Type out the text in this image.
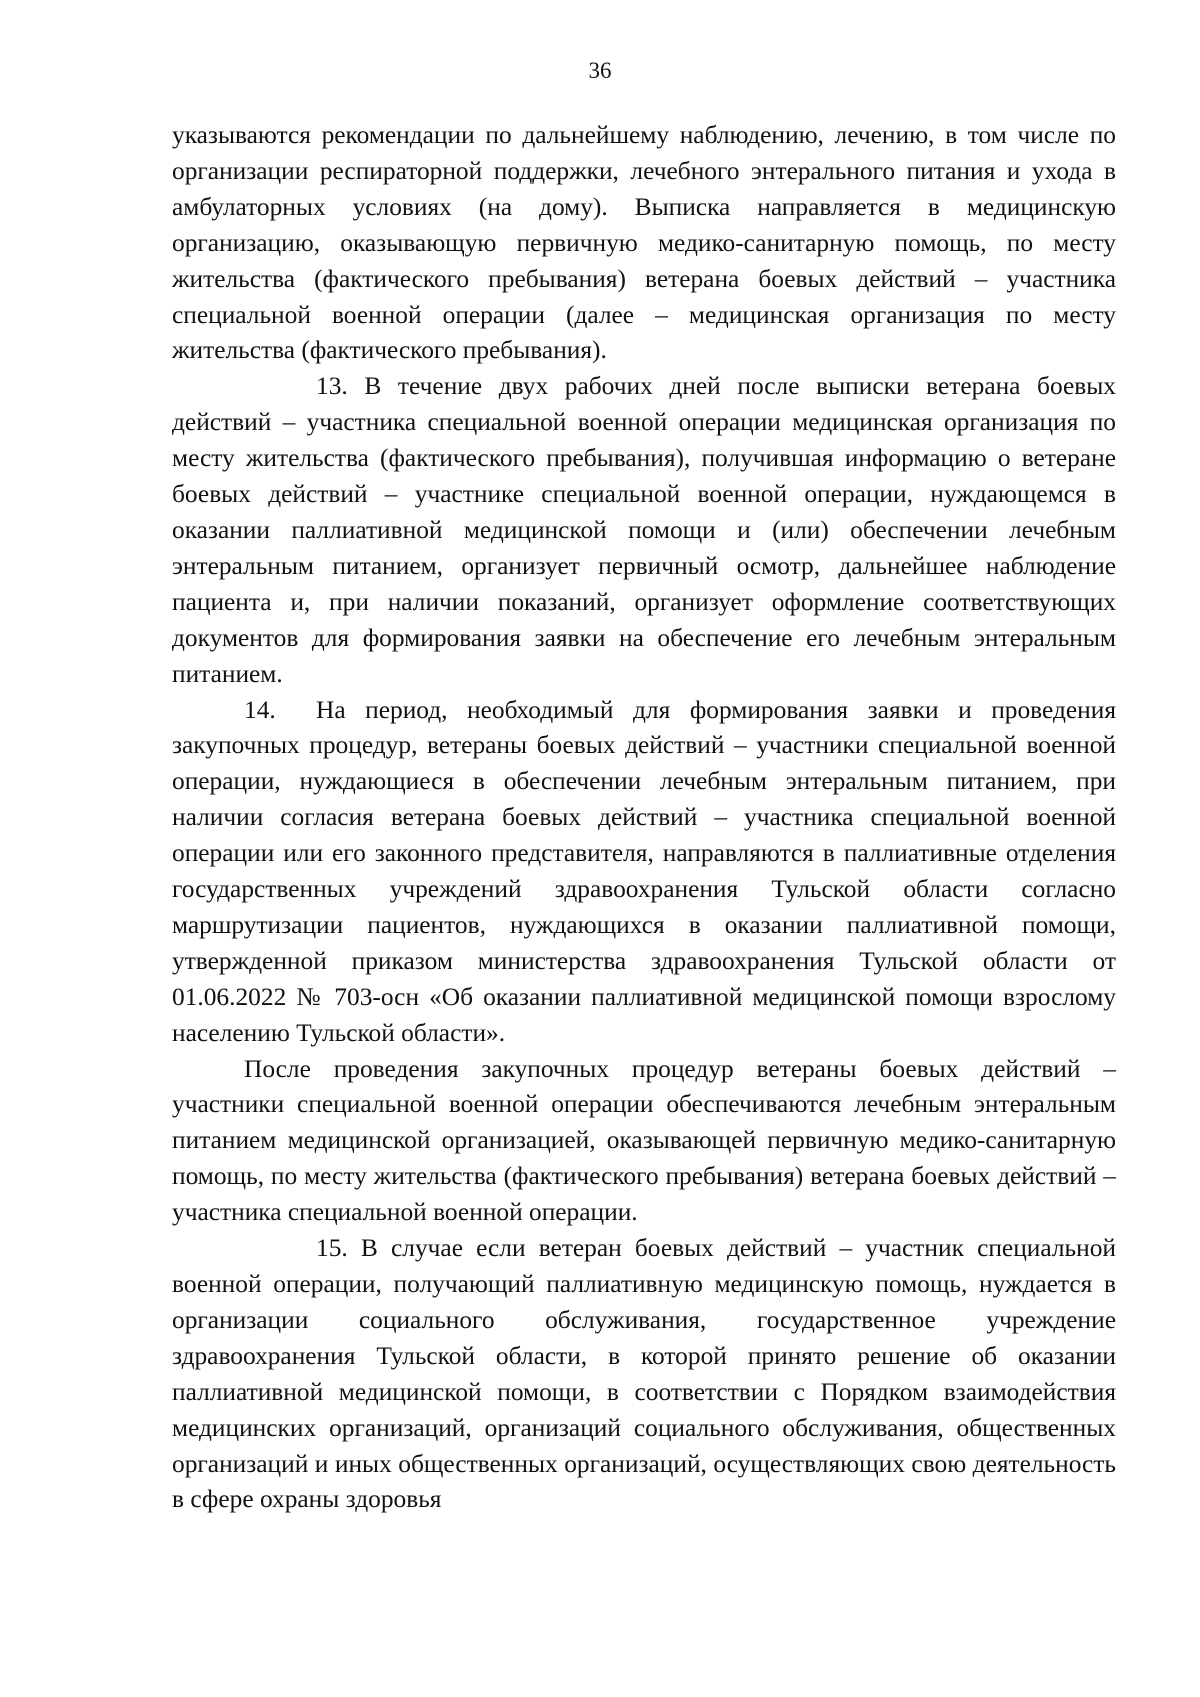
36

указываются рекомендации по дальнейшему наблюдению, лечению, в том числе по организации респираторной поддержки, лечебного энтерального питания и ухода в амбулаторных условиях (на дому). Выписка направляется в медицинскую организацию, оказывающую первичную медико-санитарную помощь, по месту жительства (фактического пребывания) ветерана боевых действий – участника специальной военной операции (далее – медицинская организация по месту жительства (фактического пребывания).

13. В течение двух рабочих дней после выписки ветерана боевых действий – участника специальной военной операции медицинская организация по месту жительства (фактического пребывания), получившая информацию о ветеране боевых действий – участнике специальной военной операции, нуждающемся в оказании паллиативной медицинской помощи и (или) обеспечении лечебным энтеральным питанием, организует первичный осмотр, дальнейшее наблюдение пациента и, при наличии показаний, организует оформление соответствующих документов для формирования заявки на обеспечение его лечебным энтеральным питанием.

14. На период, необходимый для формирования заявки и проведения закупочных процедур, ветераны боевых действий – участники специальной военной операции, нуждающиеся в обеспечении лечебным энтеральным питанием, при наличии согласия ветерана боевых действий – участника специальной военной операции или его законного представителя, направляются в паллиативные отделения государственных учреждений здравоохранения Тульской области согласно маршрутизации пациентов, нуждающихся в оказании паллиативной помощи, утвержденной приказом министерства здравоохранения Тульской области от 01.06.2022 № 703-осн «Об оказании паллиативной медицинской помощи взрослому населению Тульской области».

После проведения закупочных процедур ветераны боевых действий – участники специальной военной операции обеспечиваются лечебным энтеральным питанием медицинской организацией, оказывающей первичную медико-санитарную помощь, по месту жительства (фактического пребывания) ветерана боевых действий – участника специальной военной операции.

15. В случае если ветеран боевых действий – участник специальной военной операции, получающий паллиативную медицинскую помощь, нуждается в организации социального обслуживания, государственное учреждение здравоохранения Тульской области, в которой принято решение об оказании паллиативной медицинской помощи, в соответствии с Порядком взаимодействия медицинских организаций, организаций социального обслуживания, общественных организаций и иных общественных организаций, осуществляющих свою деятельность в сфере охраны здоровья
